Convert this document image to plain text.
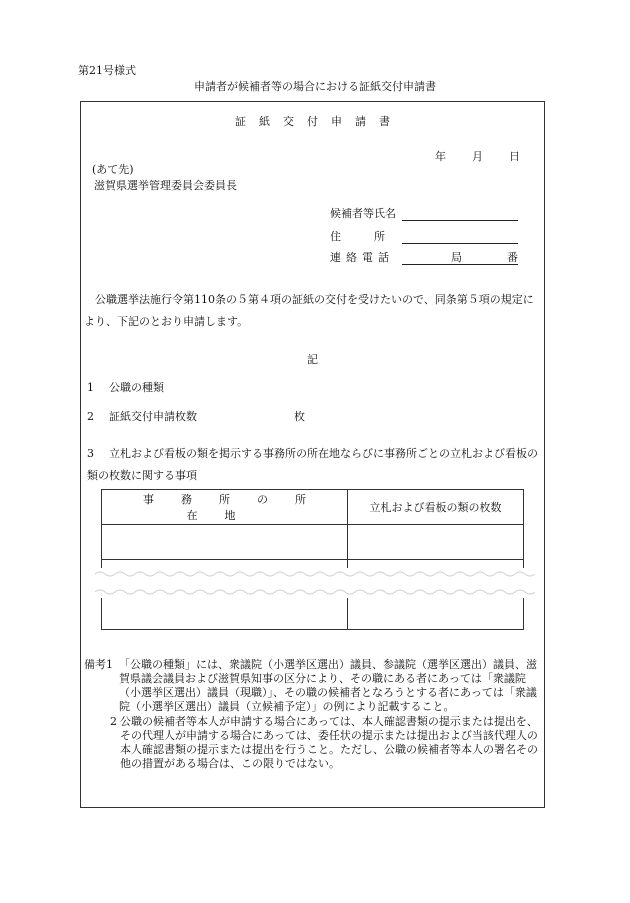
第21号様式
申請者が候補者等の場合における証紙交付申請書
証紙交付申請書
年 月 日
(あて先)
滋賀県選挙管理委員会委員長
候補者等氏名
住　　　所
連絡電話	局	番
公職選挙法施行令第110条の５第４項の証紙の交付を受けたいので、同条第５項の規定により、下記のとおり申請します。
記
1 公職の種類
2 証紙交付申請枚数	枚
3 立札および看板の類を掲示する事務所の所在地ならびに事務所ごとの立札および看板の類の枚数に関する事項
事務所の所在地	立札および看板の類の枚数

備考1 「公職の種類」には、衆議院（小選挙区選出）議員、参議院（選挙区選出）議員、滋賀県議会議員および滋賀県知事の区分により、その職にある者にあっては「衆議院（小選挙区選出）議員（現職）」、その職の候補者となろうとする者にあっては「衆議院（小選挙区選出）議員（立候補予定）」の例により記載すること。
2 公職の候補者等本人が申請する場合にあっては、本人確認書類の提示または提出を、その代理人が申請する場合にあっては、委任状の提示または提出および当該代理人の本人確認書類の提示または提出を行うこと。ただし、公職の候補者等本人の署名その他の措置がある場合は、この限りではない。
